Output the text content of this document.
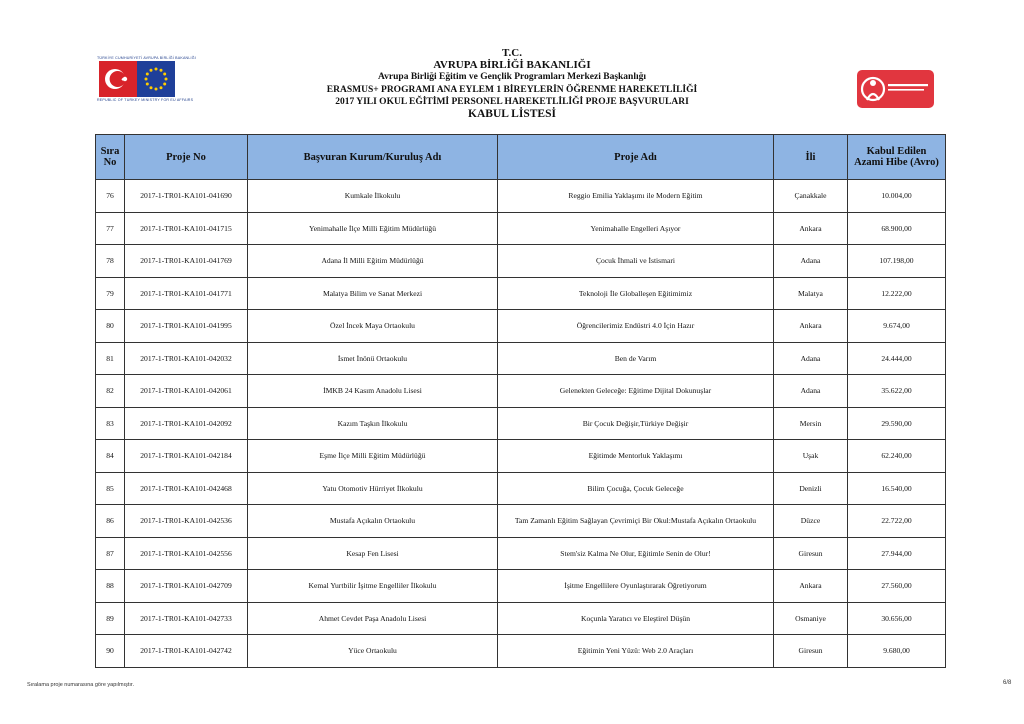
TÜRKİYE CUMHURİYETİ AVRUPA BİRLİĞİ BAKANLIĞI
REPUBLIC OF TURKEY MINISTRY FOR EU AFFAIRS
T.C.
AVRUPA BİRLİĞİ BAKANLIĞI
Avrupa Birliği Eğitim ve Gençlik Programları Merkezi Başkanlığı
ERASMUS+ PROGRAMI ANA EYLEM 1 BİREYLERİN ÖĞRENME HAREKETLİLİĞİ
2017 YILI OKUL EĞİTİMİ PERSONEL HAREKETLİLİĞİ PROJE BAŞVURULARI
KABUL LİSTESİ
Sıra No	Proje No	Başvuran Kurum/Kuruluş Adı	Proje Adı	İli	Kabul Edilen Azami Hibe (Avro)
76	2017-1-TR01-KA101-041690	Kumkale İlkokulu	Reggio Emilia Yaklaşımı ile Modern Eğitim	Çanakkale	10.004,00
77	2017-1-TR01-KA101-041715	Yenimahalle İlçe Milli Eğitim Müdürlüğü	Yenimahalle Engelleri Aşıyor	Ankara	68.900,00
78	2017-1-TR01-KA101-041769	Adana İl Milli Eğitim Müdürlüğü	Çocuk İhmali ve İstismari	Adana	107.198,00
79	2017-1-TR01-KA101-041771	Malatya Bilim ve Sanat Merkezi	Teknoloji İle Globalleşen Eğitimimiz	Malatya	12.222,00
80	2017-1-TR01-KA101-041995	Özel İncek Maya Ortaokulu	Öğrencilerimiz Endüstri 4.0 İçin Hazır	Ankara	9.674,00
81	2017-1-TR01-KA101-042032	İsmet İnönü Ortaokulu	Ben de Varım	Adana	24.444,00
82	2017-1-TR01-KA101-042061	İMKB 24 Kasım Anadolu Lisesi	Gelenekten Geleceğe: Eğitime Dijital Dokunuşlar	Adana	35.622,00
83	2017-1-TR01-KA101-042092	Kazım Taşkın İlkokulu	Bir Çocuk Değişir,Türkiye Değişir	Mersin	29.590,00
84	2017-1-TR01-KA101-042184	Eşme İlçe Milli Eğitim Müdürlüğü	Eğitimde Mentorluk Yaklaşımı	Uşak	62.240,00
85	2017-1-TR01-KA101-042468	Yatu Otomotiv Hürriyet İlkokulu	Bilim Çocuğa, Çocuk Geleceğe	Denizli	16.540,00
86	2017-1-TR01-KA101-042536	Mustafa Açıkalın Ortaokulu	Tam Zamanlı Eğitim Sağlayan Çevrimiçi Bir Okul:Mustafa Açıkalın Ortaokulu	Düzce	22.722,00
87	2017-1-TR01-KA101-042556	Kesap Fen Lisesi	Stem'siz Kalma Ne Olur, Eğitimle Senin de Olur!	Giresun	27.944,00
88	2017-1-TR01-KA101-042709	Kemal Yurtbilir İşitme Engelliler İlkokulu	İşitme Engellilere Oyunlaştırarak Öğretiyorum	Ankara	27.560,00
89	2017-1-TR01-KA101-042733	Ahmet Cevdet Paşa Anadolu Lisesi	Koçunla Yaratıcı ve Eleştirel Düşün	Osmaniye	30.656,00
90	2017-1-TR01-KA101-042742	Yüce Ortaokulu	Eğitimin Yeni Yüzü: Web 2.0 Araçları	Giresun	9.680,00
Sıralama proje numarasına göre yapılmıştır.	6/8
